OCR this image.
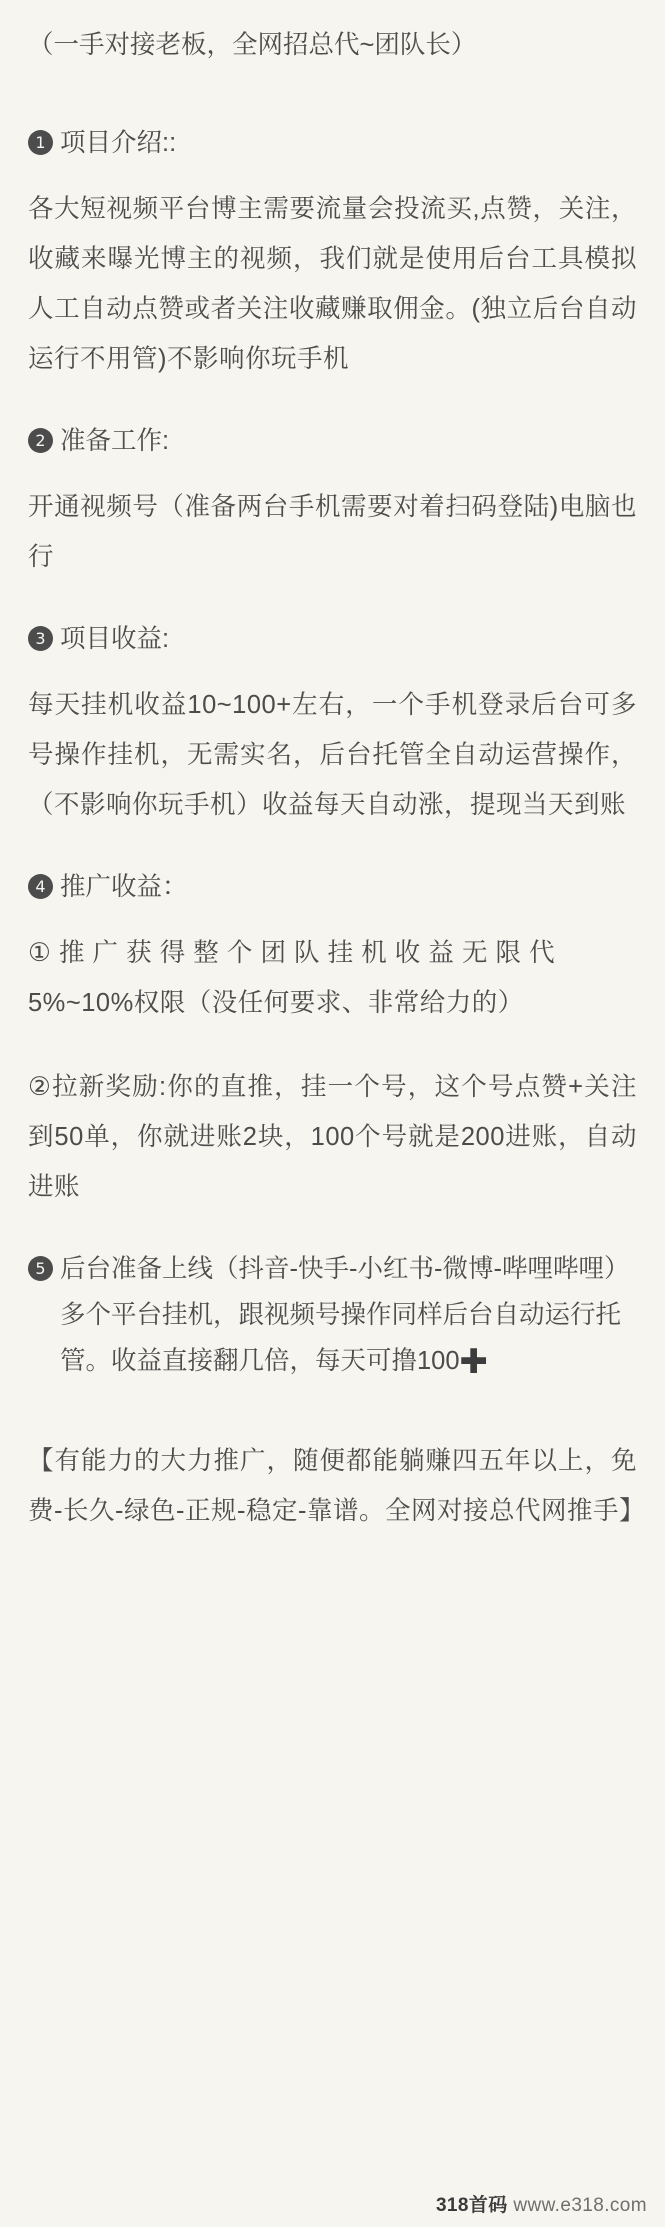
（一手对接老板，全网招总代~团队长）

1 项目介绍::

各大短视频平台博主需要流量会投流买,点赞，关注，收藏来曝光博主的视频，我们就是使用后台工具模拟人工自动点赞或者关注收藏赚取佣金。(独立后台自动运行不用管)不影响你玩手机

2 准备工作:

开通视频号（准备两台手机需要对着扫码登陆)电脑也行

3 项目收益:

每天挂机收益10~100+左右，一个手机登录后台可多号操作挂机，无需实名，后台托管全自动运营操作，（不影响你玩手机）收益每天自动涨，提现当天到账

4 推广收益：

① 推 广 获 得 整 个 团 队 挂 机 收 益 无 限 代

5%~10%权限（没任何要求、非常给力的）

②拉新奖励:你的直推，挂一个号，这个号点赞+关注到50单，你就进账2块，100个号就是200进账，自动进账

5 后台准备上线（抖音-快手-小红书-微博-哔哩哔哩）多个平台挂机，跟视频号操作同样后台自动运行托管。收益直接翻几倍，每天可撸100✚

【有能力的大力推广，随便都能躺赚四五年以上，免费-长久-绿色-正规-稳定-靠谱。全网对接总代网推手】

318首码 www.e318.com
